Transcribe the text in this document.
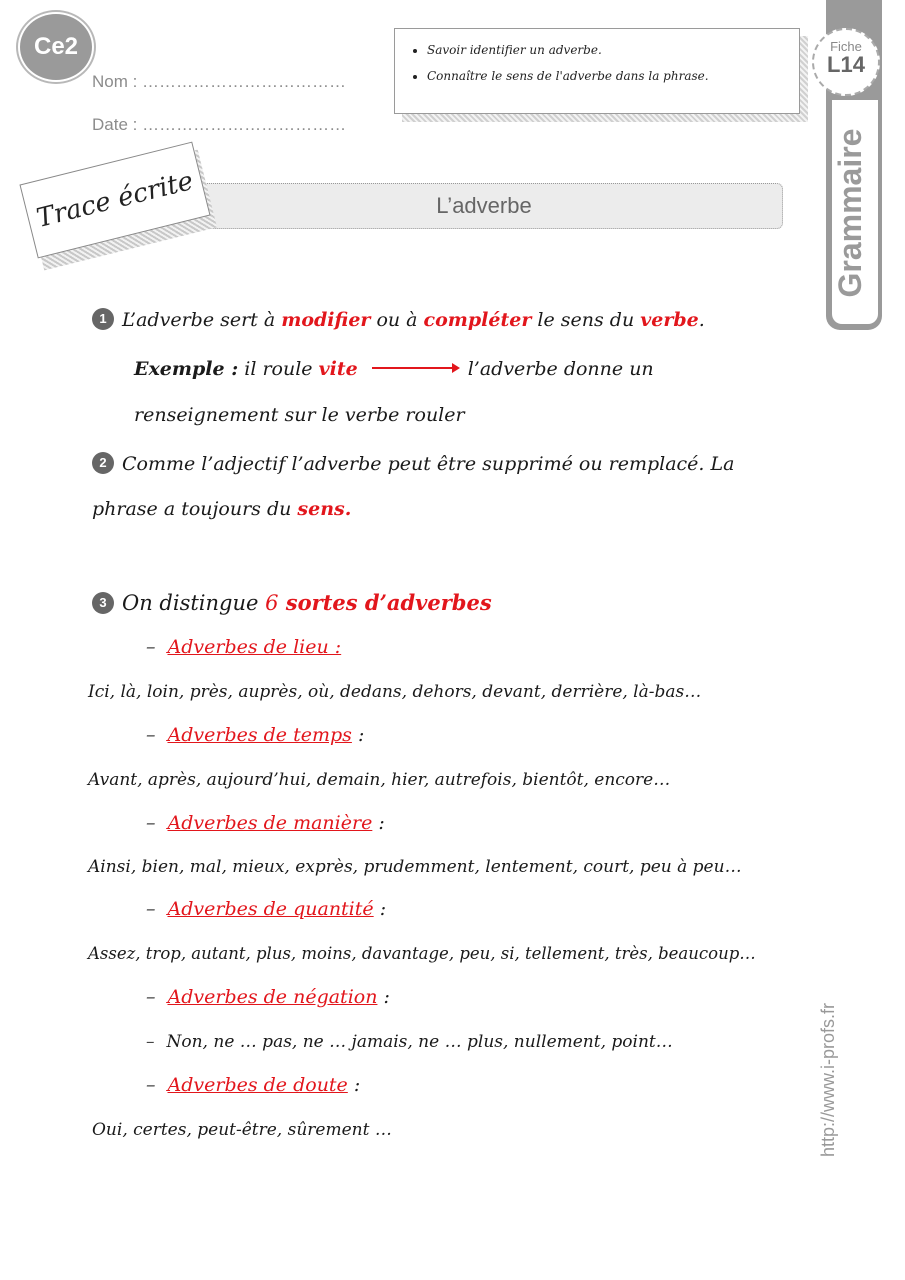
Ce2
Nom : ………………………………
Date : ………………………………
• Savoir identifier un adverbe.
• Connaître le sens de l'adverbe dans la phrase.
Grammaire
Fiche
L14
L’adverbe
Trace écrite
1 L’adverbe sert à modifier ou à compléter le sens du verbe.
Exemple : il roule vite	l’adverbe donne un
renseignement sur le verbe rouler
2 Comme l’adjectif l’adverbe peut être supprimé ou remplacé. La
phrase a toujours du sens.
3 On distingue 6 sortes d’adverbes
– Adverbes de lieu :
Ici, là, loin, près, auprès, où, dedans, dehors, devant, derrière, là-bas…
– Adverbes de temps :
Avant, après, aujourd’hui, demain, hier, autrefois, bientôt, encore…
– Adverbes de manière :
Ainsi, bien, mal, mieux, exprès, prudemment, lentement, court, peu à peu…
– Adverbes de quantité :
Assez, trop, autant, plus, moins, davantage, peu, si, tellement, très, beaucoup…
– Adverbes de négation :
– Non, ne … pas, ne … jamais, ne … plus, nullement, point…
– Adverbes de doute :
Oui, certes, peut-être, sûrement …	http://www.i-profs.fr
